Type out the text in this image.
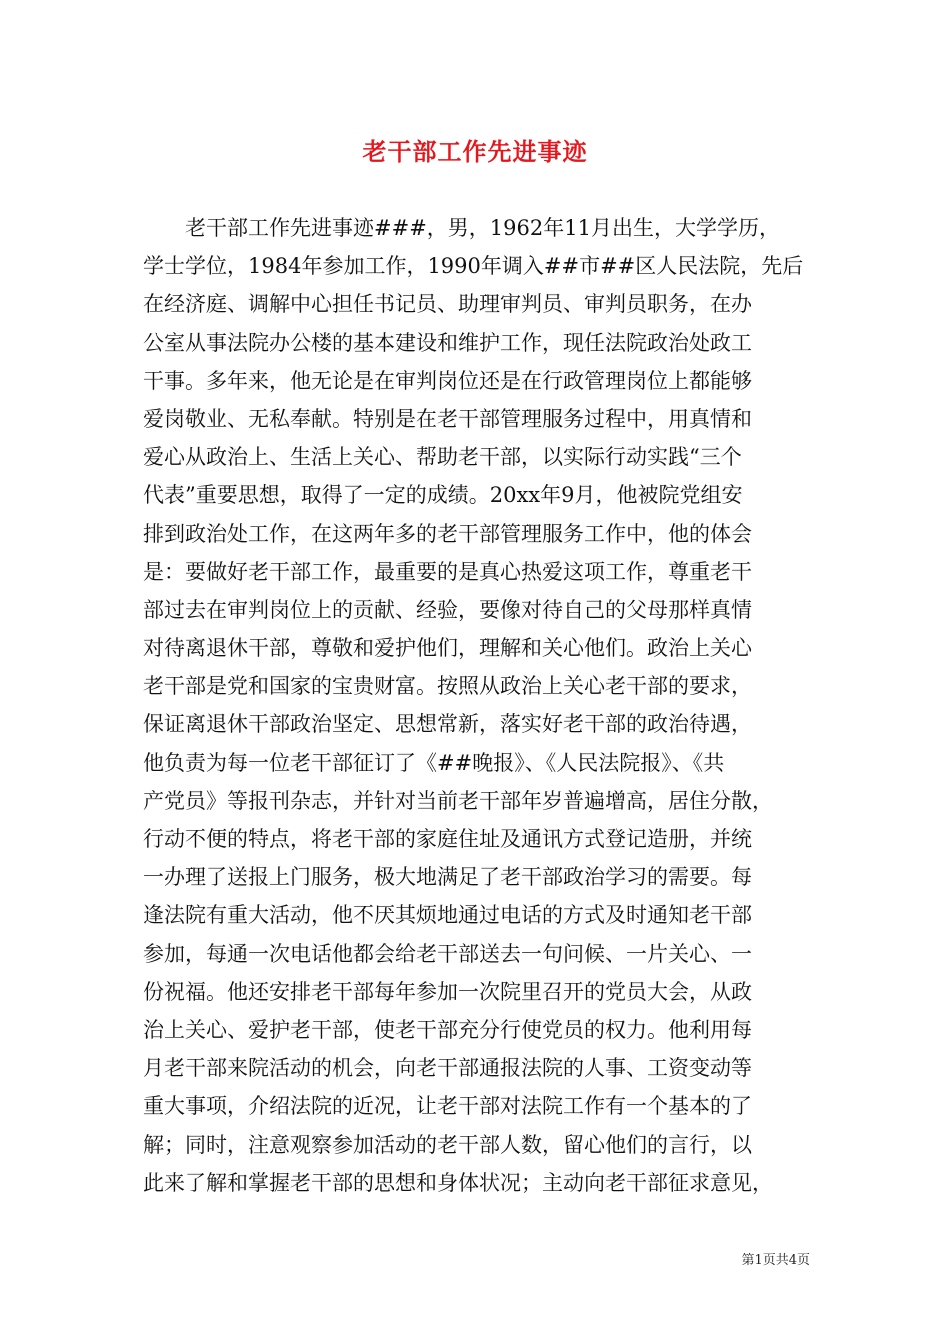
老干部工作先进事迹
　　老干部工作先进事迹###，男，1962年11月出生，大学学历，
学士学位，1984年参加工作，1990年调入##市##区人民法院，先后
在经济庭、调解中心担任书记员、助理审判员、审判员职务，在办
公室从事法院办公楼的基本建设和维护工作，现任法院政治处政工
干事。多年来，他无论是在审判岗位还是在行政管理岗位上都能够
爱岗敬业、无私奉献。特别是在老干部管理服务过程中，用真情和
爱心从政治上、生活上关心、帮助老干部，以实际行动实践“三个
代表”重要思想，取得了一定的成绩。20xx年9月，他被院党组安
排到政治处工作，在这两年多的老干部管理服务工作中，他的体会
是：要做好老干部工作，最重要的是真心热爱这项工作，尊重老干
部过去在审判岗位上的贡献、经验，要像对待自己的父母那样真情
对待离退休干部，尊敬和爱护他们，理解和关心他们。政治上关心
老干部是党和国家的宝贵财富。按照从政治上关心老干部的要求，
保证离退休干部政治坚定、思想常新，落实好老干部的政治待遇，
他负责为每一位老干部征订了《##晚报》、《人民法院报》、《共
产党员》等报刊杂志，并针对当前老干部年岁普遍增高，居住分散，
行动不便的特点，将老干部的家庭住址及通讯方式登记造册，并统
一办理了送报上门服务，极大地满足了老干部政治学习的需要。每
逢法院有重大活动，他不厌其烦地通过电话的方式及时通知老干部
参加，每通一次电话他都会给老干部送去一句问候、一片关心、一
份祝福。他还安排老干部每年参加一次院里召开的党员大会，从政
治上关心、爱护老干部，使老干部充分行使党员的权力。他利用每
月老干部来院活动的机会，向老干部通报法院的人事、工资变动等
重大事项，介绍法院的近况，让老干部对法院工作有一个基本的了
解；同时，注意观察参加活动的老干部人数，留心他们的言行，以
此来了解和掌握老干部的思想和身体状况；主动向老干部征求意见，
第1页共4页
